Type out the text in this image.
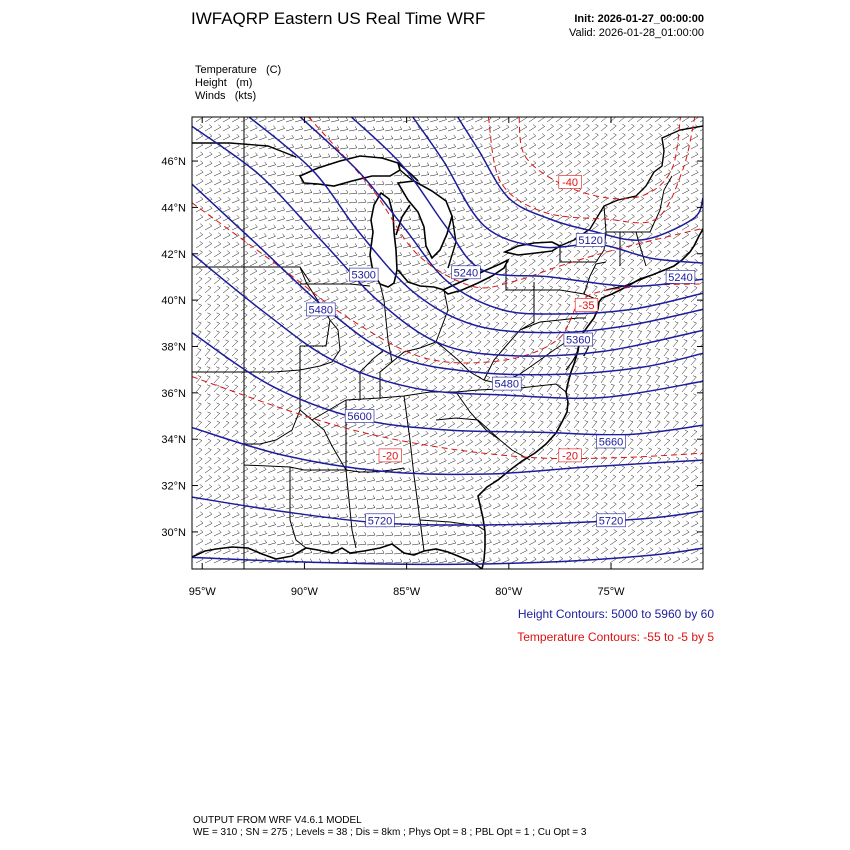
IWFAQRP Eastern US Real Time WRF	Init: 2026-01-27_00:00:00
Valid: 2026-01-28_01:00:00
Temperature (C)
Height (m)
Winds (kts)
5120
5240	5240
5300
5360
5480
5480
5600
5660
5720	5720
-40
-35
-20	-20
95°W	90°W	85°W	80°W	75°W
30°N
32°N
34°N
36°N
38°N
40°N
42°N
44°N
46°N
Height Contours: 5000 to 5960 by 60
Temperature Contours: -55 to -5 by 5
OUTPUT FROM WRF V4.6.1 MODEL
WE = 310 ; SN = 275 ; Levels = 38 ; Dis = 8km ; Phys Opt = 8 ; PBL Opt = 1 ; Cu Opt = 3
